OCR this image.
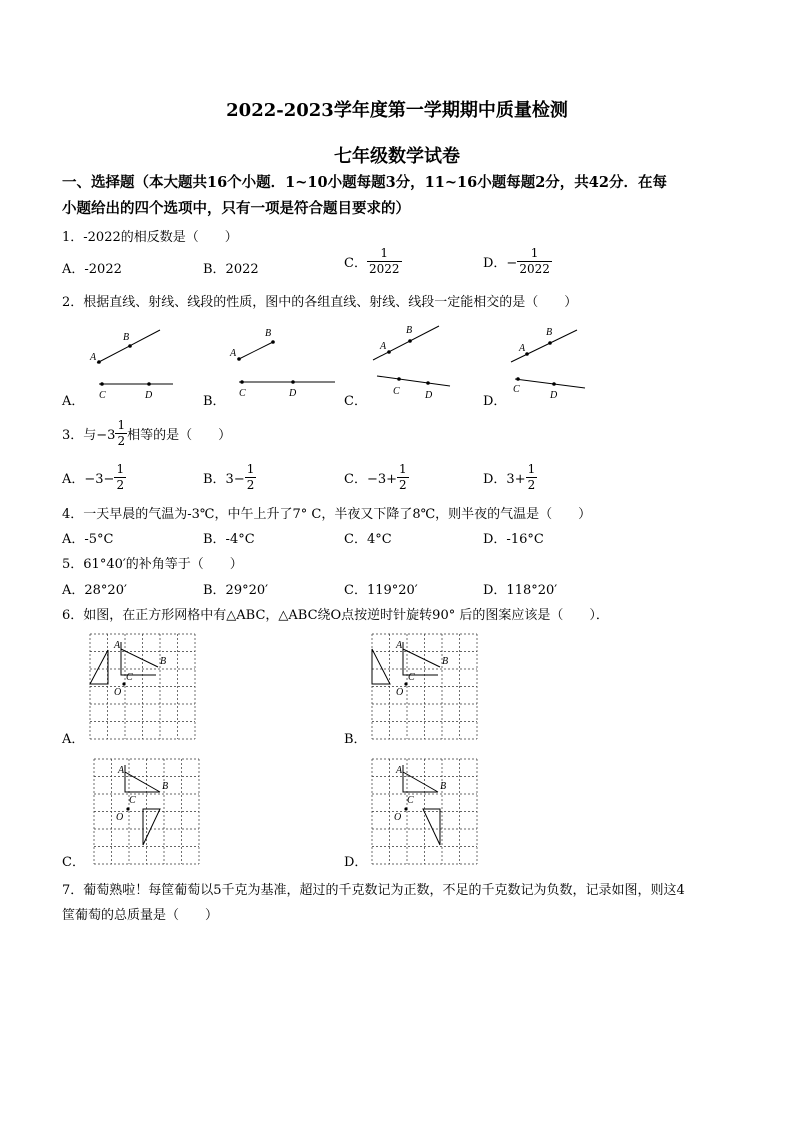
2022-2023学年度第一学期期中质量检测
七年级数学试卷
一、选择题（本大题共16个小题．1~10小题每题3分，11~16小题每题2分，共42分．在每
小题给出的四个选项中，只有一项是符合题目要求的）
1．-2022的相反数是（　　）
A．-2022	B．2022	C． $\frac{1}{2022}$	D．− $\frac{1}{2022}$
2．根据直线、射线、线段的性质，图中的各组直线、射线、线段一定能相交的是（　　）
A
B
C	D
A
B
C	D
A
B
C	D
A
B
C
D
A．	B．	C．	D．
3．与$-3 \frac{1}{2}$ 相等的是（　　）
A．$-3- \frac{1}{2}$	B．$3- \frac{1}{2}$	C．$-3+ \frac{1}{2}$	D．$3+ \frac{1}{2}$
4．一天早晨的气温为-3℃，中午上升了7° C，半夜又下降了8℃，则半夜的气温是（　　）
A．-5°C	B．-4°C	C．4°C	D．-16°C
5．61°40′的补角等于（　　）
A．28°20′	B．29°20′	C．119°20′	D．118°20′
6．如图，在正方形网格中有△ABC，△ABC绕O点按逆时针旋转90° 后的图案应该是（　　）．
A
B
C
O
A
B
C
O
A
B
C
O
A
B
C
O
A．	B．
C．	D．
7．葡萄熟啦！每筐葡萄以5千克为基准，超过的千克数记为正数，不足的千克数记为负数，记录如图，则这4
筐葡萄的总质量是（　　）
